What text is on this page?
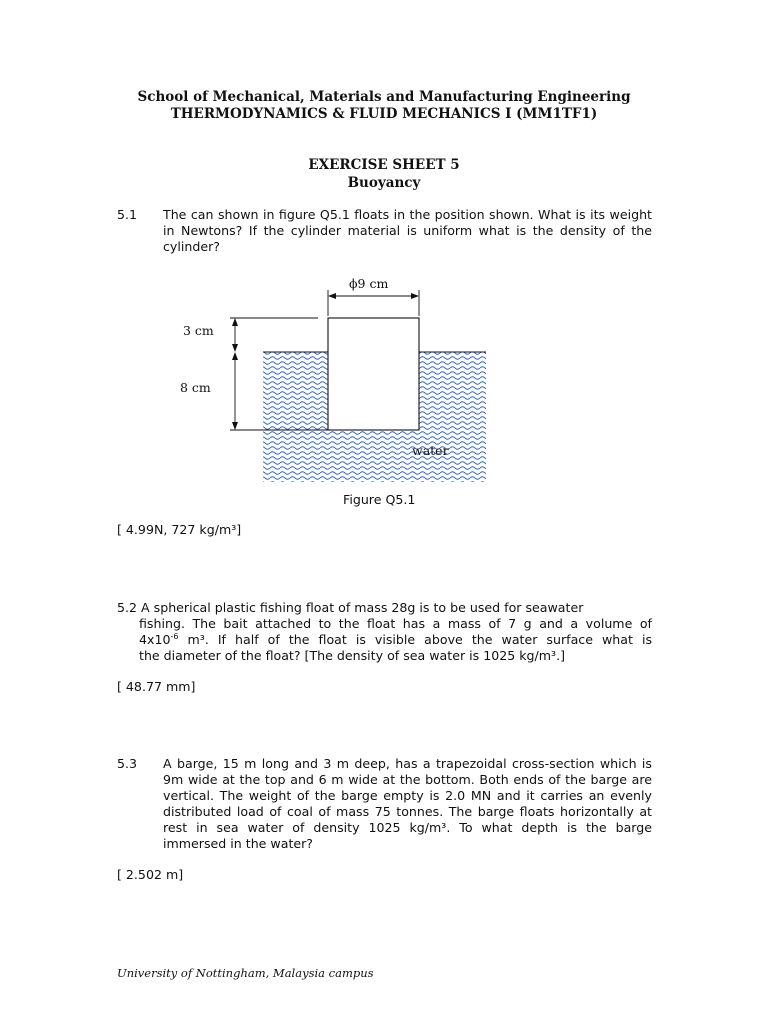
School of Mechanical, Materials and Manufacturing Engineering
THERMODYNAMICS & FLUID MECHANICS I (MM1TF1)
EXERCISE SHEET 5
Buoyancy
5.1 The can shown in figure Q5.1 floats in the position shown. What is its weight in Newtons? If the cylinder material is uniform what is the density of the cylinder?
ϕ9 cm
3 cm
8 cm
water
Figure Q5.1
[ 4.99N, 727 kg/m³]
5.2 A spherical plastic fishing float of mass 28g is to be used for seawater
fishing. The bait attached to the float has a mass of 7 g and a volume of
$4x10^{-6}$ m³. If half of the float is visible above the water surface what is
the diameter of the float? [The density of sea water is 1025 kg/m³.]
[ 48.77 mm]
5.3 A barge, 15 m long and 3 m deep, has a trapezoidal cross-section which is 9m wide at the top and 6 m wide at the bottom. Both ends of the barge are vertical. The weight of the barge empty is 2.0 MN and it carries an evenly distributed load of coal of mass 75 tonnes. The barge floats horizontally at rest in sea water of density 1025 kg/m³. To what depth is the barge immersed in the water?
[ 2.502 m]
University of Nottingham, Malaysia campus
